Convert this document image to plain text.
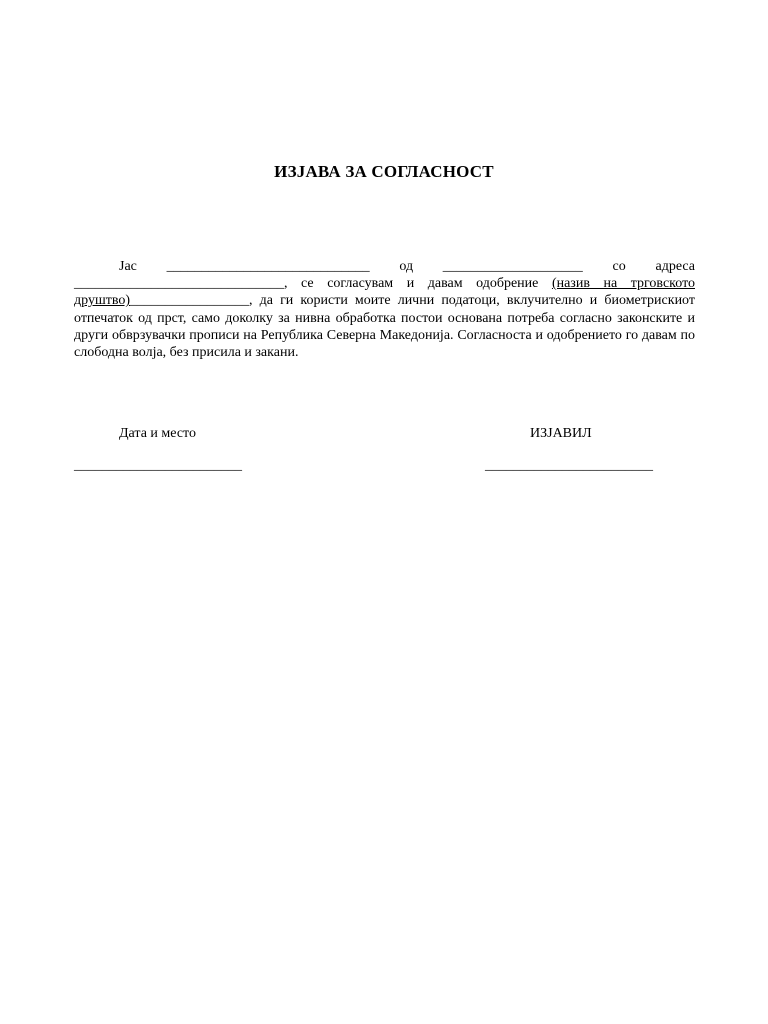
ИЗЈАВА ЗА СОГЛАСНОСТ
Јас _____________________________ од ____________________ со адреса ______________________________, се согласувам и давам одобрение (назив на трговското друштво)_________________, да ги користи моите лични податоци, вклучително и биометрискиот отпечаток од прст, само доколку за нивна обработка постои основана потреба согласно законските и други обврзувачки прописи на Република Северна Македонија. Согласноста и одобрението го давам по слободна волја, без присила и закани.
Дата и место	ИЗЈАВИЛ
________________________	________________________
